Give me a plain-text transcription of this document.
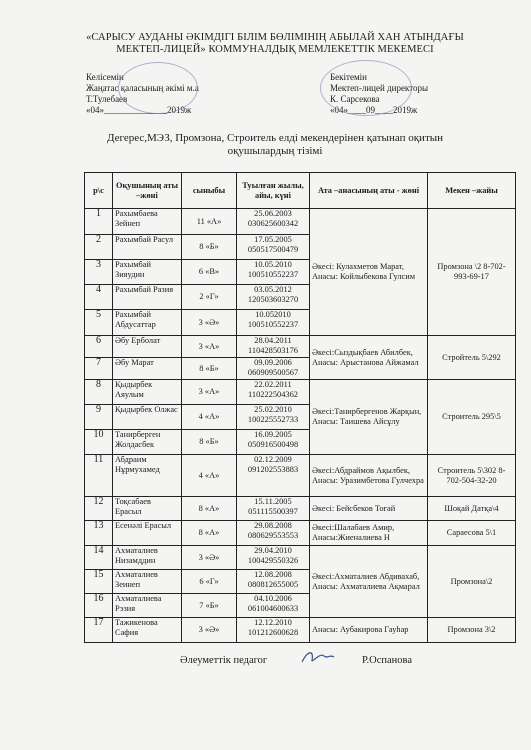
«САРЫСУ АУДАНЫ ӘКІМДІГІ БІЛІМ БӨЛІМІНІҢ АБЫЛАЙ ХАН АТЫНДАҒЫ
МЕКТЕП-ЛИЦЕЙ» КОММУНАЛДЫҚ МЕМЛЕКЕТТІК МЕКЕМЕСІ
Келісемін
Жаңатас қаласының әкімі м.а
Т.Тулебаев
«04»______________2019ж
Бекітемін
Мектеп-лицей директоры
К. Сарсекова
«04»____09____2019ж
Дегерес,МЭЗ, Промзона, Строитель елді мекендерінен қатынап оқитын
оқушылардың тізімі
р\с	Оқушының аты –жөні	сыныбы	Туылған жылы, айы, күні	Ата –анасының аты - жөні	Мекен –жайы
1	Рахымбаева Зейнеп	11 «А»	25.06.2003 030625600342	Әкесі: Кулахметов Марат, Анасы: Койлыбекова Гулсим	Промзона \2 8-702-993-69-17
2	Рахымбай Расул	8 «Б»	17.05.2005 050517500479		
3	Рахымбай Зияудин	6 «В»	10.05.2010 100510552237		
4	Рахымбай Разия	2 «Г»	03.05.2012 120503603270		
5	Рахымбай Абдусаттар	3 «Ә»	10.052010 100510552237		
6	Әбу Ерболат	3 «А»	28.04.2011 110428503176	Әкесі:Сыздықбаев Абилбек, Анасы: Арыстанова Айжамал	Стройтель 5\292
7	Әбу Марат	8 «Б»	09.09.2006 060909500567		
8	Қыдырбек Аяулым	3 «А»	22.02.2011 110222504362	Әкесі:Танирбергенов Жарқын, Анасы: Таишева Айсұлу	Строитель 295\5
9	Қыдырбек Олжас	4 «А»	25.02.2010 100225552733		
10	Танирберген Жолдасбек	8 «Б»	16.09.2005 050916500498		
11	Абдраим Нұрмухамед	4 «А»	02.12.2009 091202553883	Әкесі:Абдраймов Ақылбек, Анасы: Уразимбетова Гулчехра	Строитель 5\302 8-702-504-32-20
12	Тоқсабаев Ерасыл	8 «А»	15.11.2005 051115500397	Әкесі: Бейсбеков Тоғай	Шоқай Датқа\4
13	Есенәлі Ерасыл	8 «А»	29.08.2008 080629553553	Әкесі:Шалабаев Амир, Анасы:Жиеналиева Н	Сараесова 5\1
14	Ахматалиев Низамддин	3 «Ә»	29.04.2010 100429550326	Әкесі:Ахматалиев Абдивахаб, Анасы: Ахматалиева Ақмарал	Промзона\2
15	Ахматалиев Зеинеп	6 «Г»	12.08.2008 080812655005		
16	Ахматалиева Рэзия	7 «Б»	04.10.2006 061004600633		
17	Тажикенова Сафия	3 «Ә»	12.12.2010 101212600628	Анасы: Аубакирова Гауһар	Промзона 3\2
Әлеуметтік педагог	Р.Оспанова
